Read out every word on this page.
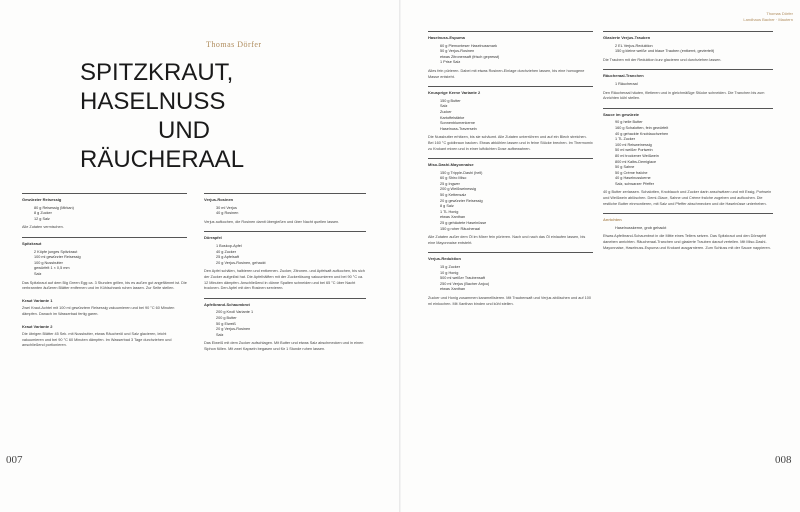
Thomas Dörfer
SPITZKRAUT,
HASELNUSS
UND
RÄUCHERAAL
007
Gewürzter Reisessig
80 g Reisessig (Mirkan)
8 g Zucker
12 g Salz
Alle Zutaten vermischen.
Spitzkraut
2 Köpfe junges Spitzkraut
100 ml gewürzter Reisessig
100 g Nussbutter
gewürfelt 1 × 0,5 mm
Salz
Das Spitzkraut auf dem Big Green Egg ca. 3 Stunden grillen, bis es außen gut angeflämmt ist. Die verbrannten äußeren Blätter entfernen und im Kühlschrank ruhen lassen. Zur Seite stellen.
Kraut Variante 1
Zwei Kraut-Achtel mit 100 ml gewürztem Reisessig vakuumieren und bei 90 °C 60 Minuten dämpfen. Danach im Wasserbad fertig garen.
Kraut Variante 2
Die übrigen Blätter 45 Sek. mit Nussbutter, etwas Räucheröl und Salz glacieren, leicht vakuumieren und bei 90 °C 60 Minuten dämpfen. Im Wasserbad 3 Tage durchziehen und anschließend portionieren.
Verjus-Rosinen
30 ml Verjus
40 g Rosinen
Verjus aufkochen, die Rosinen damit übergießen und über Nacht quellen lassen.
Dörrapfel
1 Boskop-Apfel
40 g Zucker
25 g Apfelsaft
20 g Verjus-Rosinen, gehackt
Den Apfel schälen, halbieren und entkernen. Zucker, Zitronen- und Apfelsaft aufkochen, bis sich der Zucker aufgelöst hat. Die Apfelhälften mit der Zuckerlösung vakuumieren und bei 90 °C ca. 12 Minuten dämpfen. Anschließend in dünne Spalten schneiden und bei 65 °C über Nacht trocknen. Den Apfel mit den Rosinen servieren.
Apfelbrand-Schaumbrot
200 g Knoll Variante 1
200 g Butter
50 g Eiweiß
20 g Verjus-Rosinen
Salz
Das Eiweiß mit dem Zucker aufschlagen. Mit Butter und etwas Salz abschmecken und in einen Siphon füllen. Mit zwei Kapseln begasen und für 1 Stunde ruhen lassen.
Thomas Dörfer
Landhaus Bacher · Mautern
008
Haselnuss-Espuma
60 g Piemonteser Haselnussmark
50 g Verjus-Rosinen
etwas Zitronensaft (frisch gepresst)
1 Prise Salz
Alles fein pürieren. Dabei mit etwas Rosinen-Einlage durchziehen lassen, bis eine homogene Masse entsteht.
Knusprige Kerne Variante 2
150 g Butter
Salz
Zucker
Kartoffelstärke
Sonnenblumenkerne
Haselnuss-Traverseln
Die Nussbutter erhitzen, bis sie schäumt. Alle Zutaten unterrühren und auf ein Blech streichen. Bei 160 °C goldbraun backen. Etwas abkühlen lassen und in feine Stücke brechen. Im Thermomix zu Krokant mixen und in einer luftdichten Dose aufbewahren.
Miso-Dashi-Mayonnaise
150 g Tripple-Dashi (hell)
60 g Shiro Miso
25 g Ingwer
200 g Weißweinessig
50 g Kettensalz
20 g gewürzter Reisessig
8 g Salz
1 TL Honig
etwas Xanthan
25 g gehäutete Haselnüsse
150 g roher Räucheraal
Alle Zutaten außer dem Öl im Mixer fein pürieren. Nach und nach das Öl einlaufen lassen, bis eine Mayonnaise entsteht.
Verjus-Reduktion
15 g Zucker
10 g Honig
500 ml weißer Traubensaft
250 ml Verjus (Bacher Anjou)
etwas Xanthan
Zucker und Honig zusammen karamellisieren. Mit Traubensaft und Verjus ablöschen und auf 100 ml einkochen. Mit Xanthan binden und kühl stellen.
Glasierte Verjus-Trauben
2 EL Verjus-Reduktion
150 g kleine weiße und blaue Trauben (entkernt, geviertelt)
Die Trauben mit der Reduktion kurz glacieren und durchziehen lassen.
Räucheraal-Tranchen
1 Räucheraal
Den Räucheraal häuten, filetieren und in gleichmäßige Stücke schneiden. Die Tranchen bis zum Anrichten kühl stellen.
Sauce im gewürzte
90 g helle Butter
160 g Schalotten, fein gewürfelt
40 g gehackte Knoblauchzehen
1 TL Zucker
100 ml Reisweinessig
50 ml weißer Portwein
80 ml trockener Weißwein
800 ml Kalbs-Demiglace
50 g Sahne
50 g Crème fraîche
40 g Haselnusskerne
Salz, schwarzer Pfeffer
40 g Butter zerlassen. Schalotten, Knoblauch und Zucker darin anschwitzen und mit Essig, Portwein und Weißwein ablöschen. Demi-Glace, Sahne und Crème fraîche zugeben und aufkochen. Die restliche Butter einmontieren, mit Salz und Pfeffer abschmecken und die Haselnüsse unterheben.
Anrichten
Haselnusskerne, grob gehackt
Etwas Apfelbrand-Schaumbrot in die Mitte eines Tellers setzen. Das Spitzkraut und den Dörrapfel daneben anrichten. Räucheraal-Tranchen und glasierte Trauben darauf verteilen. Mit Miso-Dashi-Mayonnaise, Haselnuss-Espuma und Krokant ausgarnieren. Zum Schluss mit der Sauce nappieren.
